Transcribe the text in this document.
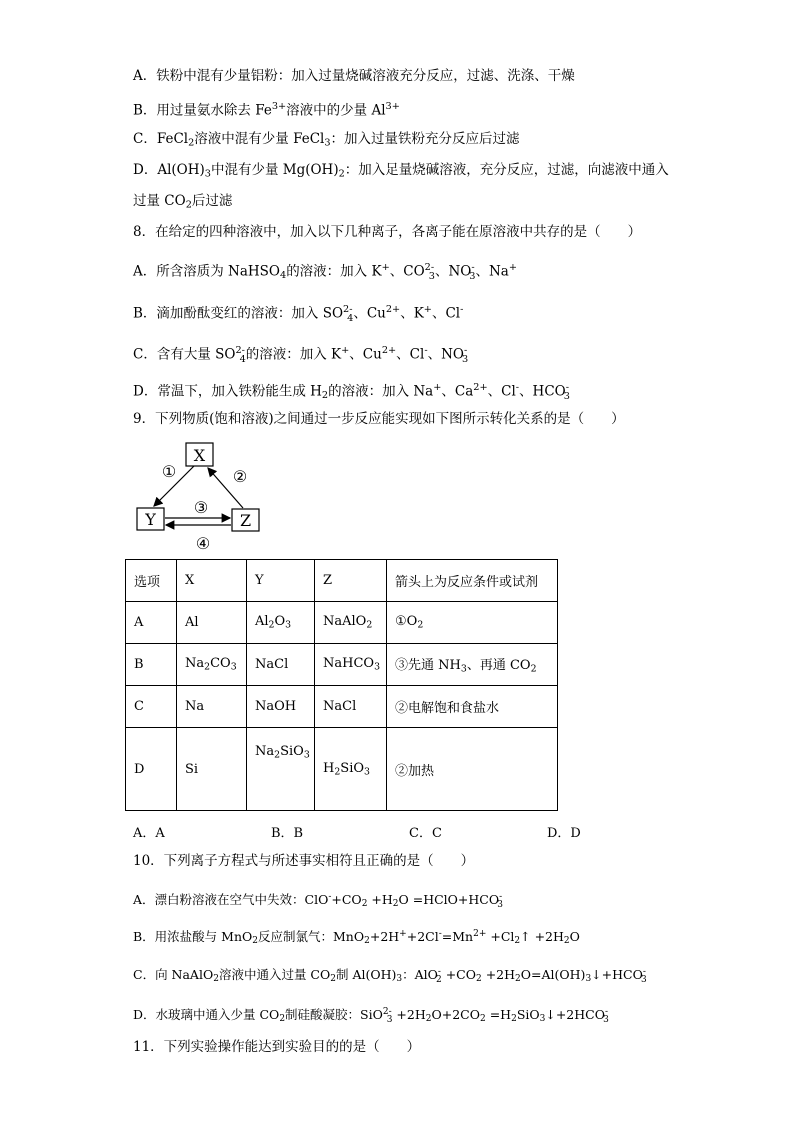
A．铁粉中混有少量铝粉：加入过量烧碱溶液充分反应，过滤、洗涤、干燥
B．用过量氨水除去 $Fe^{3+}$溶液中的少量 $Al^{3+}$
C．FeCl$_2$溶液中混有少量 FeCl$_3$：加入过量铁粉充分反应后过滤
D．$Al(OH)_3$中混有少量 $Mg(OH)_2$：加入足量烧碱溶液，充分反应，过滤，向滤液中通入
过量 $CO_2$后过滤
8．在给定的四种溶液中，加入以下几种离子，各离子能在原溶液中共存的是（　　）
A．所含溶质为 NaHSO$_4$的溶液：加入 K+、$CO^{2-}_3$、$NO^-_3$、Na+
B．滴加酚酞变红的溶液：加入 $SO^{2-}_4$、$Cu^{2+}$、K+、Cl-
C．含有大量 $SO^{2-}_4$的溶液：加入 K+、$Cu^{2+}$、Cl-、$NO^-_3$
D．常温下，加入铁粉能生成 $H_2$的溶液：加入 Na+、$Ca^{2+}$、Cl-、$HCO^-_3$
9．下列物质(饱和溶液)之间通过一步反应能实现如下图所示转化关系的是（　　）
X
Y	Z
①	②
③
④
选项	X	Y	Z	箭头上为反应条件或试剂
A	Al	$Al_2O_3$	NaAlO$_2$	$①O_2$
B	$Na_2CO_3$	NaCl	NaHCO$_3$	③先通 $NH_3$、再通 $CO_2$
C	Na	NaOH	NaCl	②电解饱和食盐水
D	Si	$Na_2SiO_3$	$H_2SiO_3$	②加热
A．A	B．B	C．C	D．D
10．下列离子方程式与所述事实相符且正确的是（　　）
A．漂白粉溶液在空气中失效：$ClO^-+CO_2 +H_2O$ $=HClO+HCO^-_3$
B．用浓盐酸与 MnO$_2$反应制氯气：$MnO_2+2H^++2Cl^-=Mn^{2+}$ $+Cl_2↑ +2H_2O$
C．向 NaAlO$_2$溶液中通入过量 $CO_2$制 $Al(OH)_3$：$AlO^-_2 +CO_2$ $+2H_2O=Al(OH)_3↓+HCO^-_3$
D．水玻璃中通入少量 $CO_2$制硅酸凝胶：$SiO^{2-}_3 +2H_2O+2CO_2$ $=H_2SiO_3↓+2HCO^-_3$
11．下列实验操作能达到实验目的的是（　　）
